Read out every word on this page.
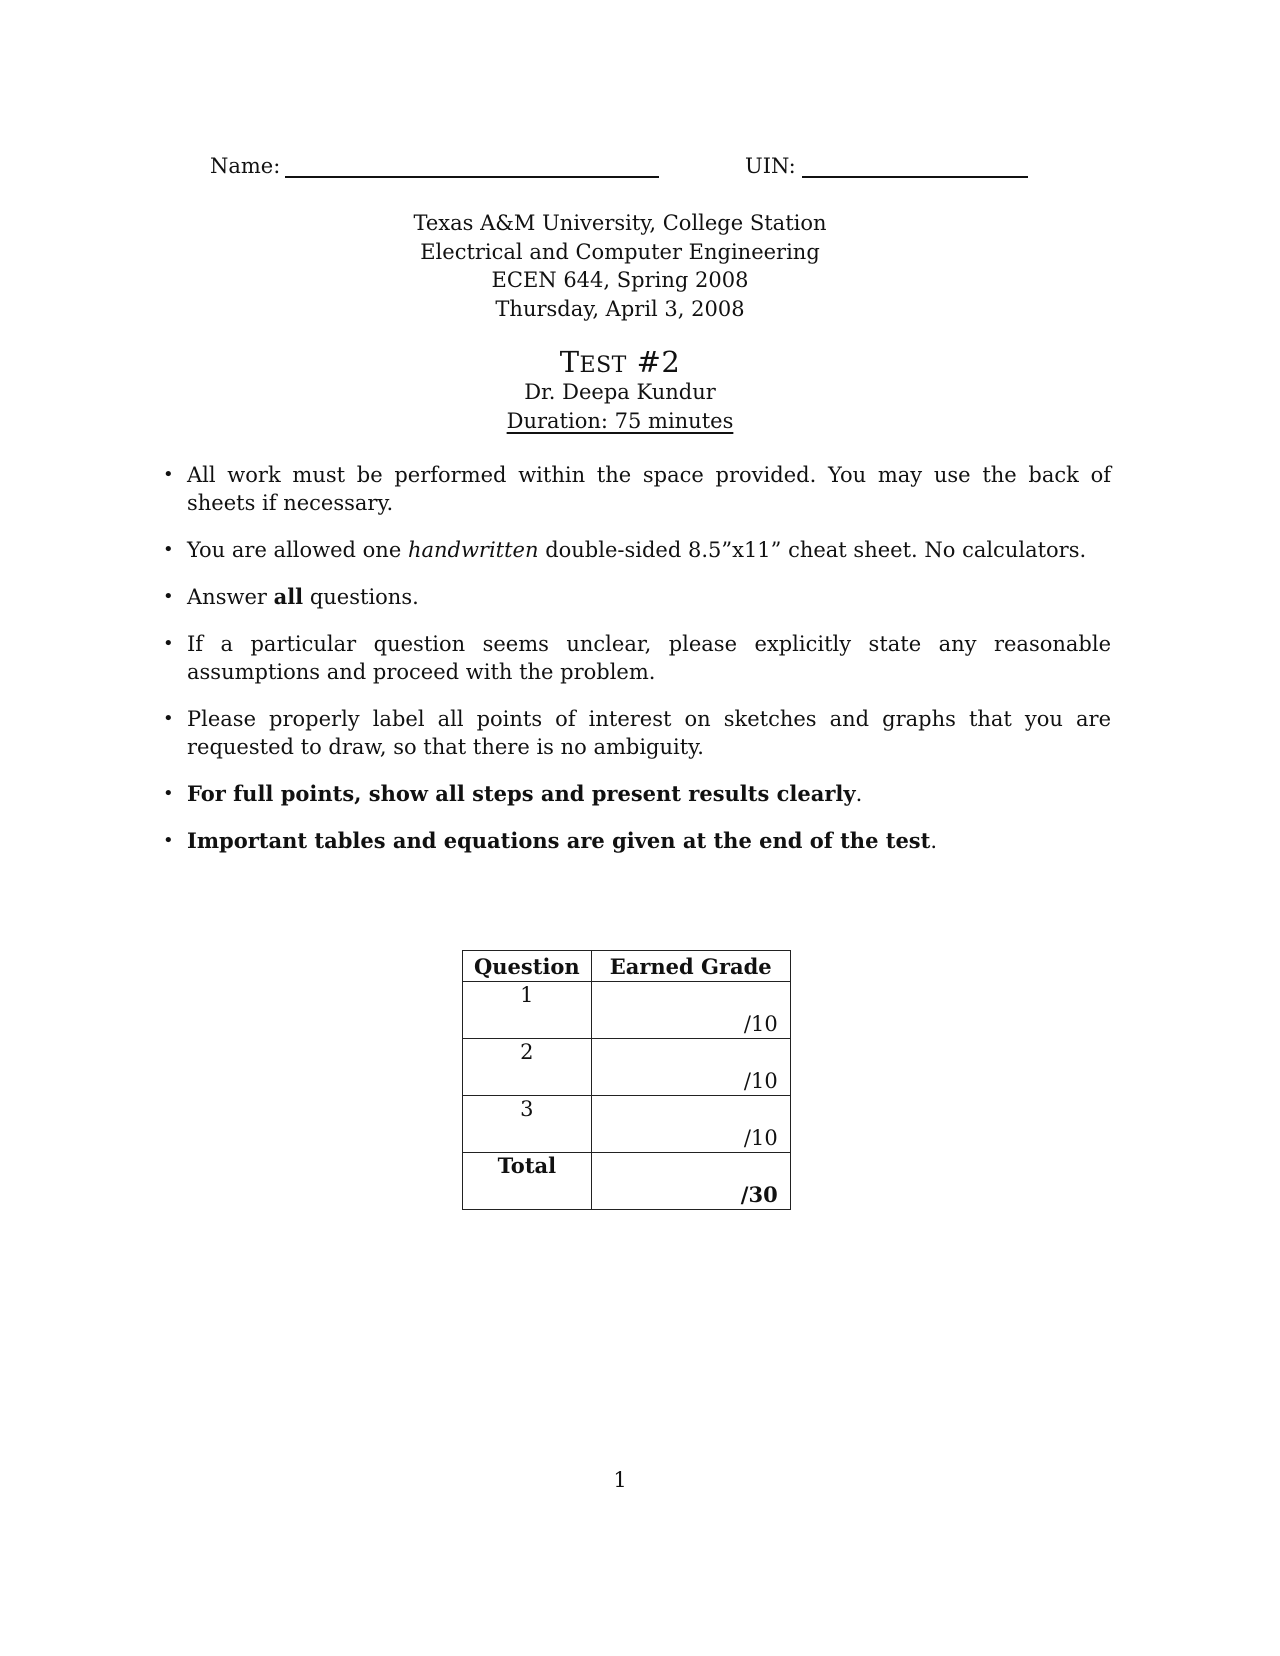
Name:	UIN:
Texas A&M University, College Station
Electrical and Computer Engineering
ECEN 644, Spring 2008
Thursday, April 3, 2008
TEST #2
Dr. Deepa Kundur
Duration: 75 minutes
• All work must be performed within the space provided. You may use the back of sheets if necessary.
• You are allowed one handwritten double-sided 8.5”x11” cheat sheet. No calculators.
• Answer all questions.
• If a particular question seems unclear, please explicitly state any reasonable assumptions and proceed with the problem.
• Please properly label all points of interest on sketches and graphs that you are requested to draw, so that there is no ambiguity.
• For full points, show all steps and present results clearly.
• Important tables and equations are given at the end of the test.
Question	Earned Grade
1	/10
2	/10
3	/10
Total	/30
1
